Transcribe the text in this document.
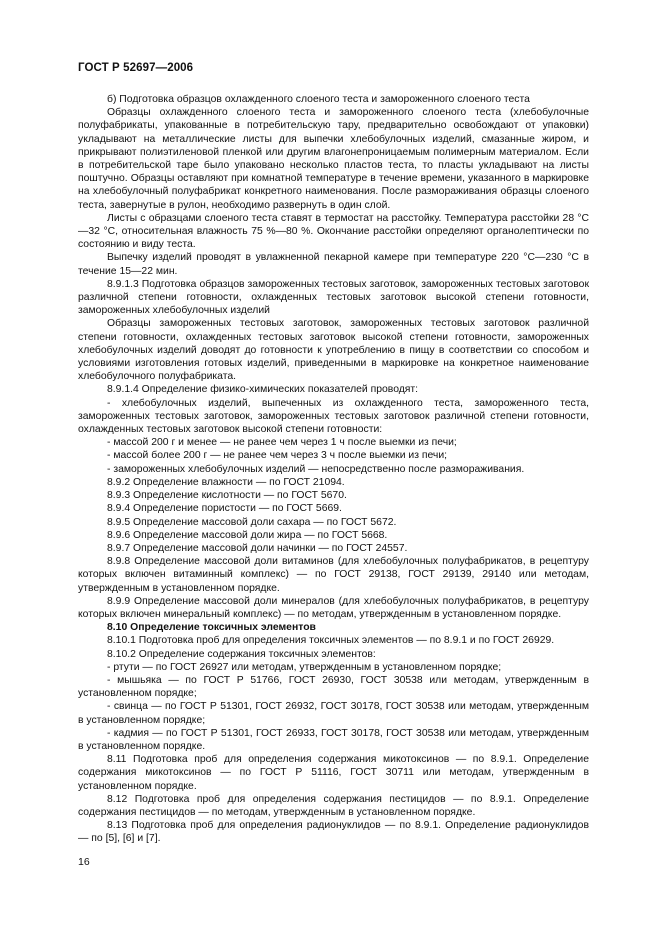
ГОСТ Р 52697—2006

б) Подготовка образцов охлажденного слоеного теста и замороженного слоеного теста

Образцы охлажденного слоеного теста и замороженного слоеного теста (хлебобулочные полуфабрикаты, упакованные в потребительскую тару, предварительно освобождают от упаковки) укладывают на металлические листы для выпечки хлебобулочных изделий, смазанные жиром, и прикрывают полиэтиленовой пленкой или другим влагонепроницаемым полимерным материалом. Если в потребительской таре было упаковано несколько пластов теста, то пласты укладывают на листы поштучно. Образцы оставляют при комнатной температуре в течение времени, указанного в маркировке на хлебобулочный полуфабрикат конкретного наименования. После размораживания образцы слоеного теста, завернутые в рулон, необходимо развернуть в один слой.

Листы с образцами слоеного теста ставят в термостат на расстойку. Температура расстойки 28 °С—32 °С, относительная влажность 75 %—80 %. Окончание расстойки определяют органолептически по состоянию и виду теста.

Выпечку изделий проводят в увлажненной пекарной камере при температуре 220 °С—230 °С в течение 15—22 мин.

8.9.1.3 Подготовка образцов замороженных тестовых заготовок, замороженных тестовых заготовок различной степени готовности, охлажденных тестовых заготовок высокой степени готовности, замороженных хлебобулочных изделий

Образцы замороженных тестовых заготовок, замороженных тестовых заготовок различной степени готовности, охлажденных тестовых заготовок высокой степени готовности, замороженных хлебобулочных изделий доводят до готовности к употреблению в пищу в соответствии со способом и условиями изготовления готовых изделий, приведенными в маркировке на конкретное наименование хлебобулочного полуфабриката.

8.9.1.4 Определение физико-химических показателей проводят:

- хлебобулочных изделий, выпеченных из охлажденного теста, замороженного теста, замороженных тестовых заготовок, замороженных тестовых заготовок различной степени готовности, охлажденных тестовых заготовок высокой степени готовности:

- массой 200 г и менее — не ранее чем через 1 ч после выемки из печи;

- массой более 200 г — не ранее чем через 3 ч после выемки из печи;

- замороженных хлебобулочных изделий — непосредственно после размораживания.

8.9.2 Определение влажности — по ГОСТ 21094.

8.9.3 Определение кислотности — по ГОСТ 5670.

8.9.4 Определение пористости — по ГОСТ 5669.

8.9.5 Определение массовой доли сахара — по ГОСТ 5672.

8.9.6 Определение массовой доли жира — по ГОСТ 5668.

8.9.7 Определение массовой доли начинки — по ГОСТ 24557.

8.9.8 Определение массовой доли витаминов (для хлебобулочных полуфабрикатов, в рецептуру которых включен витаминный комплекс) — по ГОСТ 29138, ГОСТ 29139, 29140 или методам, утвержденным в установленном порядке.

8.9.9 Определение массовой доли минералов (для хлебобулочных полуфабрикатов, в рецептуру которых включен минеральный комплекс) — по методам, утвержденным в установленном порядке.

8.10 Определение токсичных элементов

8.10.1 Подготовка проб для определения токсичных элементов — по 8.9.1 и по ГОСТ 26929.

8.10.2 Определение содержания токсичных элементов:

- ртути — по ГОСТ 26927 или методам, утвержденным в установленном порядке;

- мышьяка — по ГОСТ Р 51766, ГОСТ 26930, ГОСТ 30538 или методам, утвержденным в установленном порядке;

- свинца — по ГОСТ Р 51301, ГОСТ 26932, ГОСТ 30178, ГОСТ 30538 или методам, утвержденным в установленном порядке;

- кадмия — по ГОСТ Р 51301, ГОСТ 26933, ГОСТ 30178, ГОСТ 30538 или методам, утвержденным в установленном порядке.

8.11 Подготовка проб для определения содержания микотоксинов — по 8.9.1. Определение содержания микотоксинов — по ГОСТ Р 51116, ГОСТ 30711 или методам, утвержденным в установленном порядке.

8.12 Подготовка проб для определения содержания пестицидов — по 8.9.1. Определение содержания пестицидов — по методам, утвержденным в установленном порядке.

8.13 Подготовка проб для определения радионуклидов — по 8.9.1. Определение радионуклидов — по [5], [6] и [7].

16
